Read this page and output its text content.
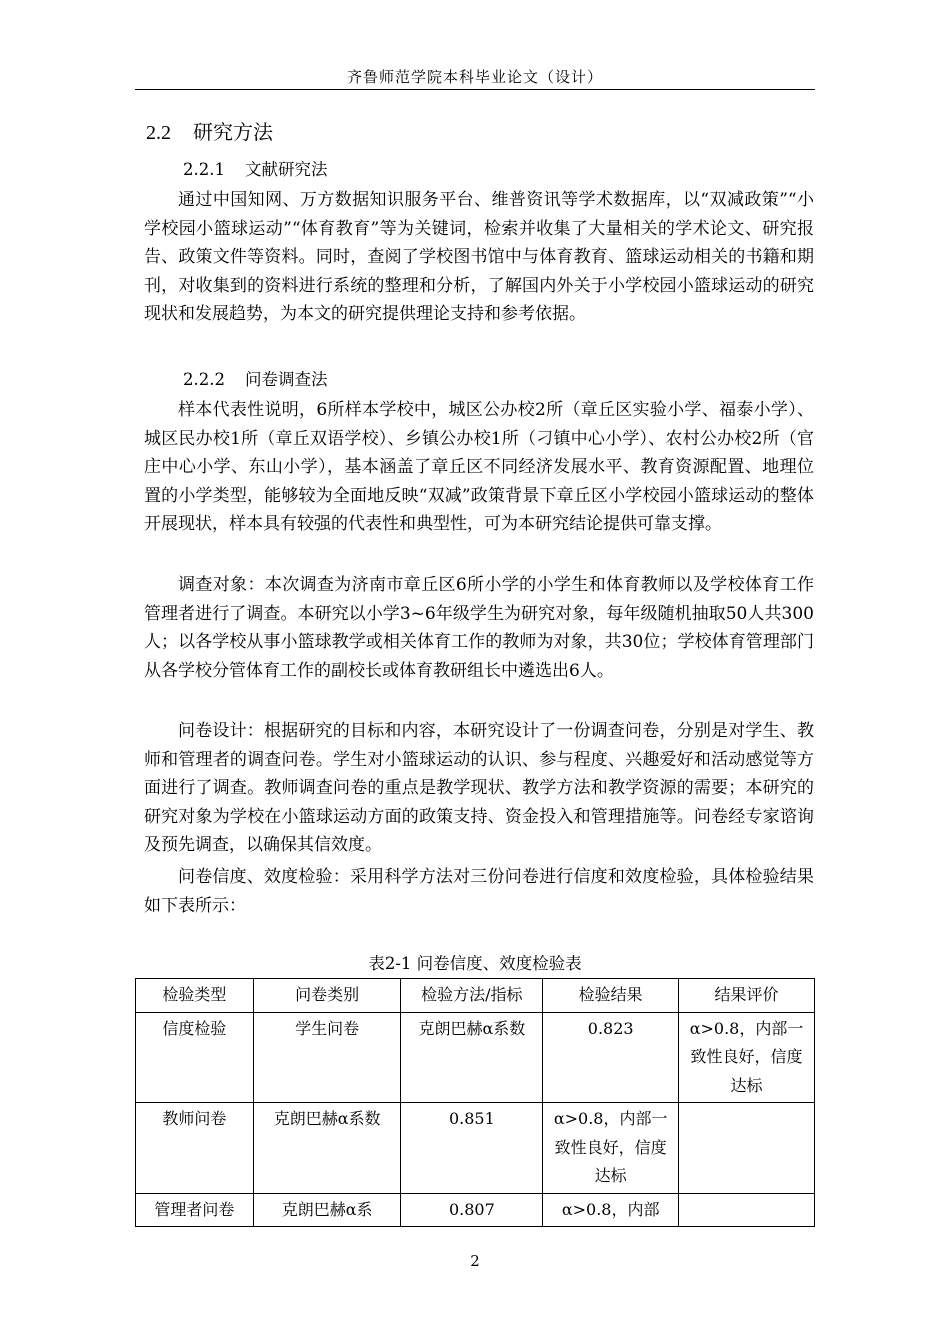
齐鲁师范学院本科毕业论文（设计）
2.2 研究方法
2.2.1 文献研究法

通过中国知网、万方数据知识服务平台、维普资讯等学术数据库，以“双减政策”“小学校园小篮球运动”“体育教育”等为关键词，检索并收集了大量相关的学术论文、研究报告、政策文件等资料。同时，查阅了学校图书馆中与体育教育、篮球运动相关的书籍和期刊，对收集到的资料进行系统的整理和分析，了解国内外关于小学校园小篮球运动的研究现状和发展趋势，为本文的研究提供理论支持和参考依据。

2.2.2 问卷调查法

样本代表性说明，6所样本学校中，城区公办校2所（章丘区实验小学、福泰小学）、城区民办校1所（章丘双语学校）、乡镇公办校1所（刁镇中心小学）、农村公办校2所（官庄中心小学、东山小学），基本涵盖了章丘区不同经济发展水平、教育资源配置、地理位置的小学类型，能够较为全面地反映“双减”政策背景下章丘区小学校园小篮球运动的整体开展现状，样本具有较强的代表性和典型性，可为本研究结论提供可靠支撑。

调查对象：本次调查为济南市章丘区6所小学的小学生和体育教师以及学校体育工作管理者进行了调查。本研究以小学3~6年级学生为研究对象，每年级随机抽取50人共300人；以各学校从事小篮球教学或相关体育工作的教师为对象，共30位；学校体育管理部门从各学校分管体育工作的副校长或体育教研组长中遴选出6人。

问卷设计：根据研究的目标和内容，本研究设计了一份调查问卷，分别是对学生、教师和管理者的调查问卷。学生对小篮球运动的认识、参与程度、兴趣爱好和活动感觉等方面进行了调查。教师调查问卷的重点是教学现状、教学方法和教学资源的需要；本研究的研究对象为学校在小篮球运动方面的政策支持、资金投入和管理措施等。问卷经专家谘询及预先调查，以确保其信效度。

问卷信度、效度检验：采用科学方法对三份问卷进行信度和效度检验，具体检验结果如下表所示：

表2-1 问卷信度、效度检验表
检验类型	问卷类别	检验方法/指标	检验结果	结果评价
信度检验	学生问卷	克朗巴赫α系数	0.823	α>0.8，内部一致性良好，信度达标
教师问卷	克朗巴赫α系数	0.851	α>0.8，内部一致性良好，信度达标	
管理者问卷	克朗巴赫α系	0.807	α>0.8，内部	
2
